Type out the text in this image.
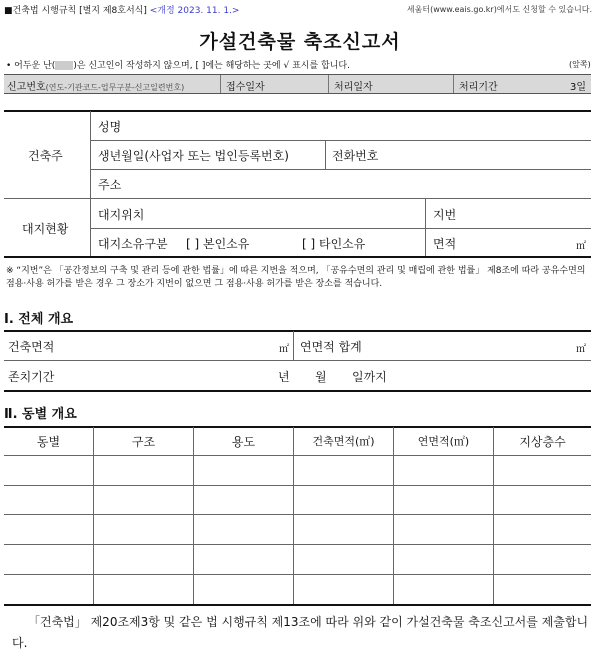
■건축법 시행규칙 [별지 제8호서식] <개정 2023. 11. 1.>	세움터(www.eais.go.kr)에서도 신청할 수 있습니다.
가설건축물 축조신고서
• 어두운 난( )은 신고인이 작성하지 않으며, [ ]에는 해당하는 곳에 √ 표시를 합니다.	(앞쪽)
신고번호(연도-기관코드-업무구분-신고일련번호)	접수일자	처리일자	처리기간	3일
건축주
성명
생년월일(사업자 또는 법인등록번호)	전화번호
주소
대지현황
대지위치	지번
대지소유구분 [ ] 본인소유	[ ] 타인소유	면적	㎡
※ “지번”은 「공간정보의 구축 및 관리 등에 관한 법률」에 따른 지번을 적으며, 「공유수면의 관리 및 매립에 관한 법률」 제8조에 따라 공유수면의 점용·사용 허가를 받은 경우 그 장소가 지번이 없으면 그 점용·사용 허가를 받은 장소를 적습니다.
Ⅰ. 전체 개요
건축면적	㎡ 연면적 합계	㎡
존치기간	년 월 일까지
Ⅱ. 동별 개요
동별	구조	용도	건축면적(㎡)	연면적(㎡)	지상층수
「건축법」 제20조제3항 및 같은 법 시행규칙 제13조에 따라 위와 같이 가설건축물 축조신고서를 제출합니다.
